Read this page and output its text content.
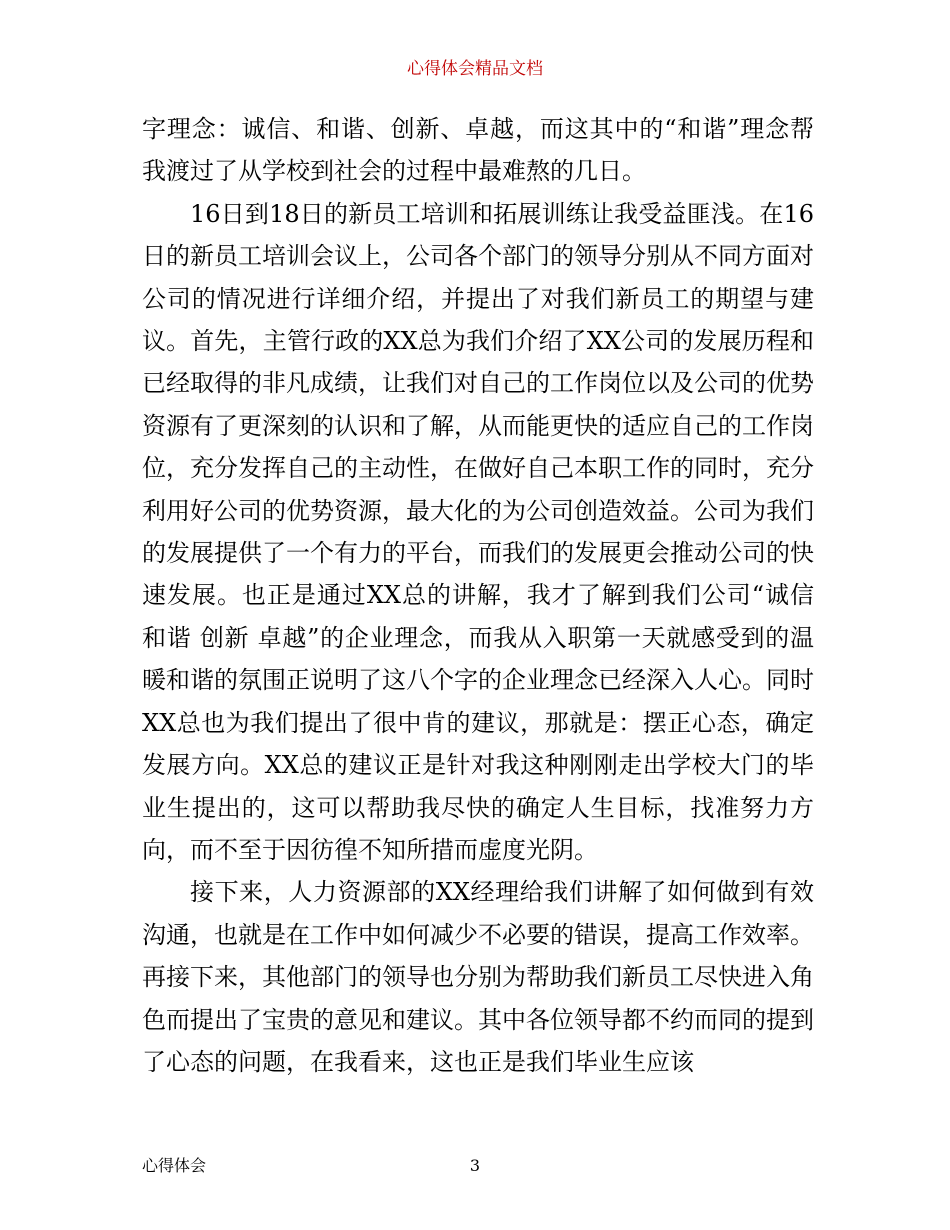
心得体会精品文档

字理念：诚信、和谐、创新、卓越，而这其中的“和谐”理念帮我渡过了从学校到社会的过程中最难熬的几日。

16日到18日的新员工培训和拓展训练让我受益匪浅。在16日的新员工培训会议上，公司各个部门的领导分别从不同方面对公司的情况进行详细介绍，并提出了对我们新员工的期望与建议。首先，主管行政的XX总为我们介绍了XX公司的发展历程和已经取得的非凡成绩，让我们对自己的工作岗位以及公司的优势资源有了更深刻的认识和了解，从而能更快的适应自己的工作岗位，充分发挥自己的主动性，在做好自己本职工作的同时，充分利用好公司的优势资源，最大化的为公司创造效益。公司为我们的发展提供了一个有力的平台，而我们的发展更会推动公司的快速发展。也正是通过XX总的讲解，我才了解到我们公司“诚信 和谐 创新 卓越”的企业理念，而我从入职第一天就感受到的温暖和谐的氛围正说明了这八个字的企业理念已经深入人心。同时XX总也为我们提出了很中肯的建议，那就是：摆正心态，确定发展方向。XX总的建议正是针对我这种刚刚走出学校大门的毕业生提出的，这可以帮助我尽快的确定人生目标，找准努力方向，而不至于因彷徨不知所措而虚度光阴。

接下来，人力资源部的XX经理给我们讲解了如何做到有效沟通，也就是在工作中如何减少不必要的错误，提高工作效率。再接下来，其他部门的领导也分别为帮助我们新员工尽快进入角色而提出了宝贵的意见和建议。其中各位领导都不约而同的提到了心态的问题，在我看来，这也正是我们毕业生应该

心得体会	3
